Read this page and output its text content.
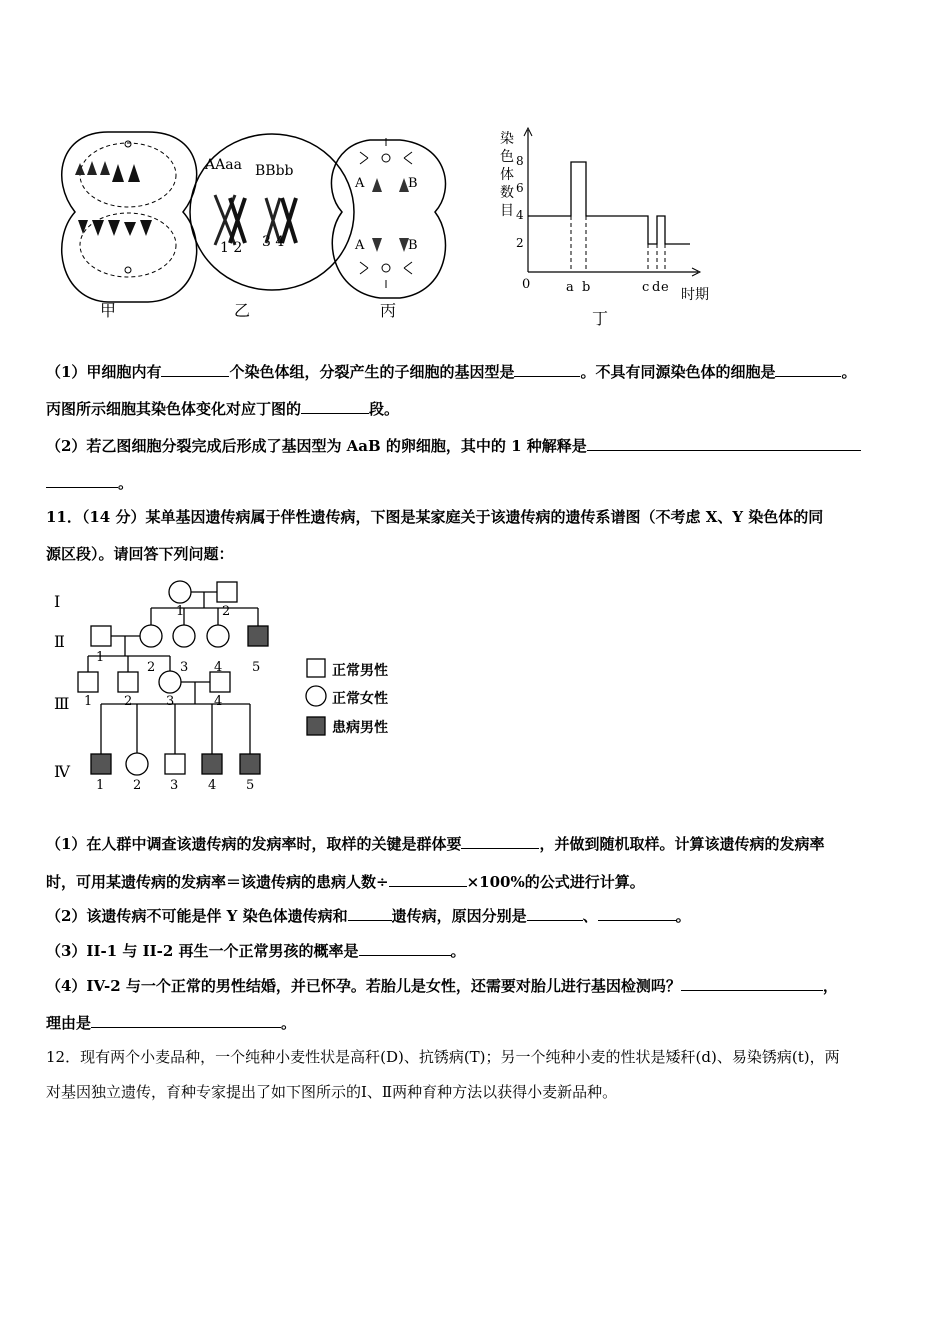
甲	乙	丙	丁
AAaa BBbb
1 2 3 4
A	B
A	B
染
色
体
数
目
8
6
4
2
0	a b	c d e 时期
（1）甲细胞内有	个染色体组，分裂产生的子细胞的基因型是	。不具有同源染色体的细胞是	。
丙图所示细胞其染色体变化对应丁图的	段。
（2）若乙图细胞分裂完成后形成了基因型为 AaB 的卵细胞，其中的 1 种解释是
。
11．（14 分）某单基因遗传病属于伴性遗传病，下图是某家庭关于该遗传病的遗传系谱图（不考虑 X、Y 染色体的同
源区段）。请回答下列问题：
Ⅰ
Ⅱ
Ⅲ
Ⅳ
1	2
1
2 3 4 5
1 2	3	4
1 2 3 4 5
正常男性
正常女性
患病男性
（1）在人群中调查该遗传病的发病率时，取样的关键是群体要	，并做到随机取样。计算该遗传病的发病率
时，可用某遗传病的发病率＝该遗传病的患病人数÷	×100%的公式进行计算。
（2）该遗传病不可能是伴 Y 染色体遗传病和	遗传病，原因分别是	、	。
（3）II-1 与 II-2 再生一个正常男孩的概率是	。
（4）IV-2 与一个正常的男性结婚，并已怀孕。若胎儿是女性，还需要对胎儿进行基因检测吗？	，
理由是	。
12．现有两个小麦品种，一个纯种小麦性状是高秆(D)、抗锈病(T)；另一个纯种小麦的性状是矮秆(d)、易染锈病(t)，两
对基因独立遗传，育种专家提出了如下图所示的Ⅰ、Ⅱ两种育种方法以获得小麦新品种。
